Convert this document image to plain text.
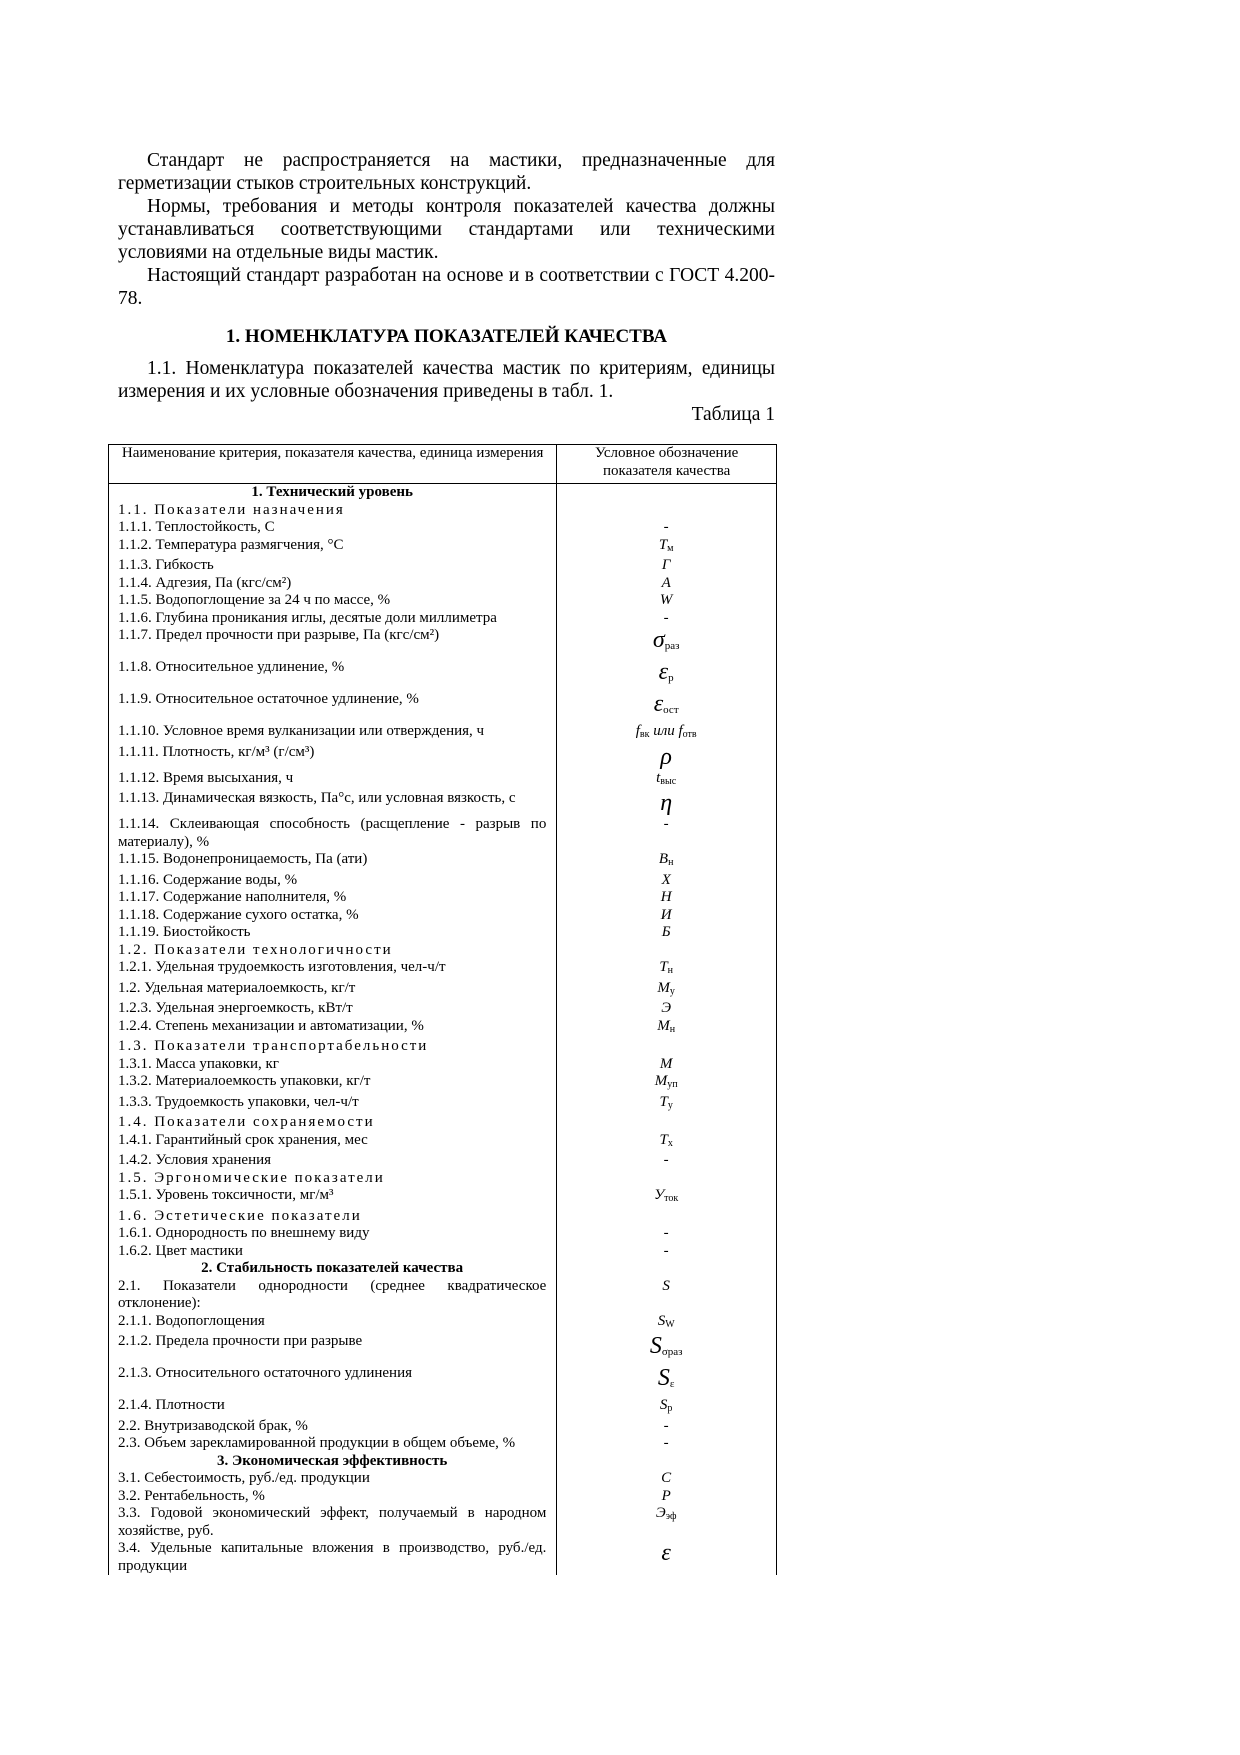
Стандарт не распространяется на мастики, предназначенные для герметизации стыков строительных конструкций.

Нормы, требования и методы контроля показателей качества должны устанавливаться соответствующими стандартами или техническими условиями на отдельные виды мастик.

Настоящий стандарт разработан на основе и в соответствии с ГОСТ 4.200-78.

1. НОМЕНКЛАТУРА ПОКАЗАТЕЛЕЙ КАЧЕСТВА

1.1. Номенклатура показателей качества мастик по критериям, единицы измерения и их условные обозначения приведены в табл. 1.

Таблица 1
Наименование критерия, показателя качества, единица измерения	Условное обозначение показателя качества
1. Технический уровень	
1.1. Показатели назначения	
1.1.1. Теплостойкость, С	-
1.1.2. Температура размягчения, °С	$T_м$
1.1.3. Гибкость	Г
1.1.4. Адгезия, Па (кгс/см²)	А
1.1.5. Водопоглощение за 24 ч по массе, %	W
1.1.6. Глубина проникания иглы, десятые доли миллиметра	-
1.1.7. Предел прочности при разрыве, Па (кгс/см²)	$\sigma_{раз}$
1.1.8. Относительное удлинение, %	$\varepsilon_р$
1.1.9. Относительное остаточное удлинение, %	$\varepsilon_{ост}$
1.1.10. Условное время вулканизации или отверждения, ч	$f_{вк}$ или $f_{отв}$
1.1.11. Плотность, кг/м³ (г/см³)	ρ
1.1.12. Время высыхания, ч	$t_{выс}$
1.1.13. Динамическая вязкость, Па°с, или условная вязкость, с	η
1.1.14. Склеивающая способность (расщепление - разрыв по материалу), %	-
1.1.15. Водонепроницаемость, Па (ати)	$В_н$
1.1.16. Содержание воды, %	Х
1.1.17. Содержание наполнителя, %	Н
1.1.18. Содержание сухого остатка, %	И
1.1.19. Биостойкость	Б
1.2. Показатели технологичности	
1.2.1. Удельная трудоемкость изготовления, чел-ч/т	$Т_н$
1.2. Удельная материалоемкость, кг/т	$М_у$
1.2.3. Удельная энергоемкость, кВт/т	Э
1.2.4. Степень механизации и автоматизации, %	$М_н$
1.3. Показатели транспортабельности	
1.3.1. Масса упаковки, кг	М
1.3.2. Материалоемкость упаковки, кг/т	$М_{уп}$
1.3.3. Трудоемкость упаковки, чел-ч/т	$Т_у$
1.4. Показатели сохраняемости	
1.4.1. Гарантийный срок хранения, мес	$Т_х$
1.4.2. Условия хранения	-
1.5. Эргономические показатели	
1.5.1. Уровень токсичности, мг/м³	$У_{ток}$
1.6. Эстетические показатели	
1.6.1. Однородность по внешнему виду	-
1.6.2. Цвет мастики	-
2. Стабильность показателей качества	
2.1. Показатели однородности (среднее квадратическое отклонение):	S
2.1.1. Водопоглощения	$S_W$
2.1.2. Предела прочности при разрыве	$S_{\sigma раз}$
2.1.3. Относительного остаточного удлинения	$S_\varepsilon$
2.1.4. Плотности	$S_р$
2.2. Внутризаводской брак, %	-
2.3. Объем зарекламированной продукции в общем объеме, %	-
3. Экономическая эффективность	
3.1. Себестоимость, руб./ед. продукции	С
3.2. Рентабельность, %	Р
3.3. Годовой экономический эффект, получаемый в народном хозяйстве, руб.	$Э_{эф}$
3.4. Удельные капитальные вложения в производство, руб./ед. продукции	ε
